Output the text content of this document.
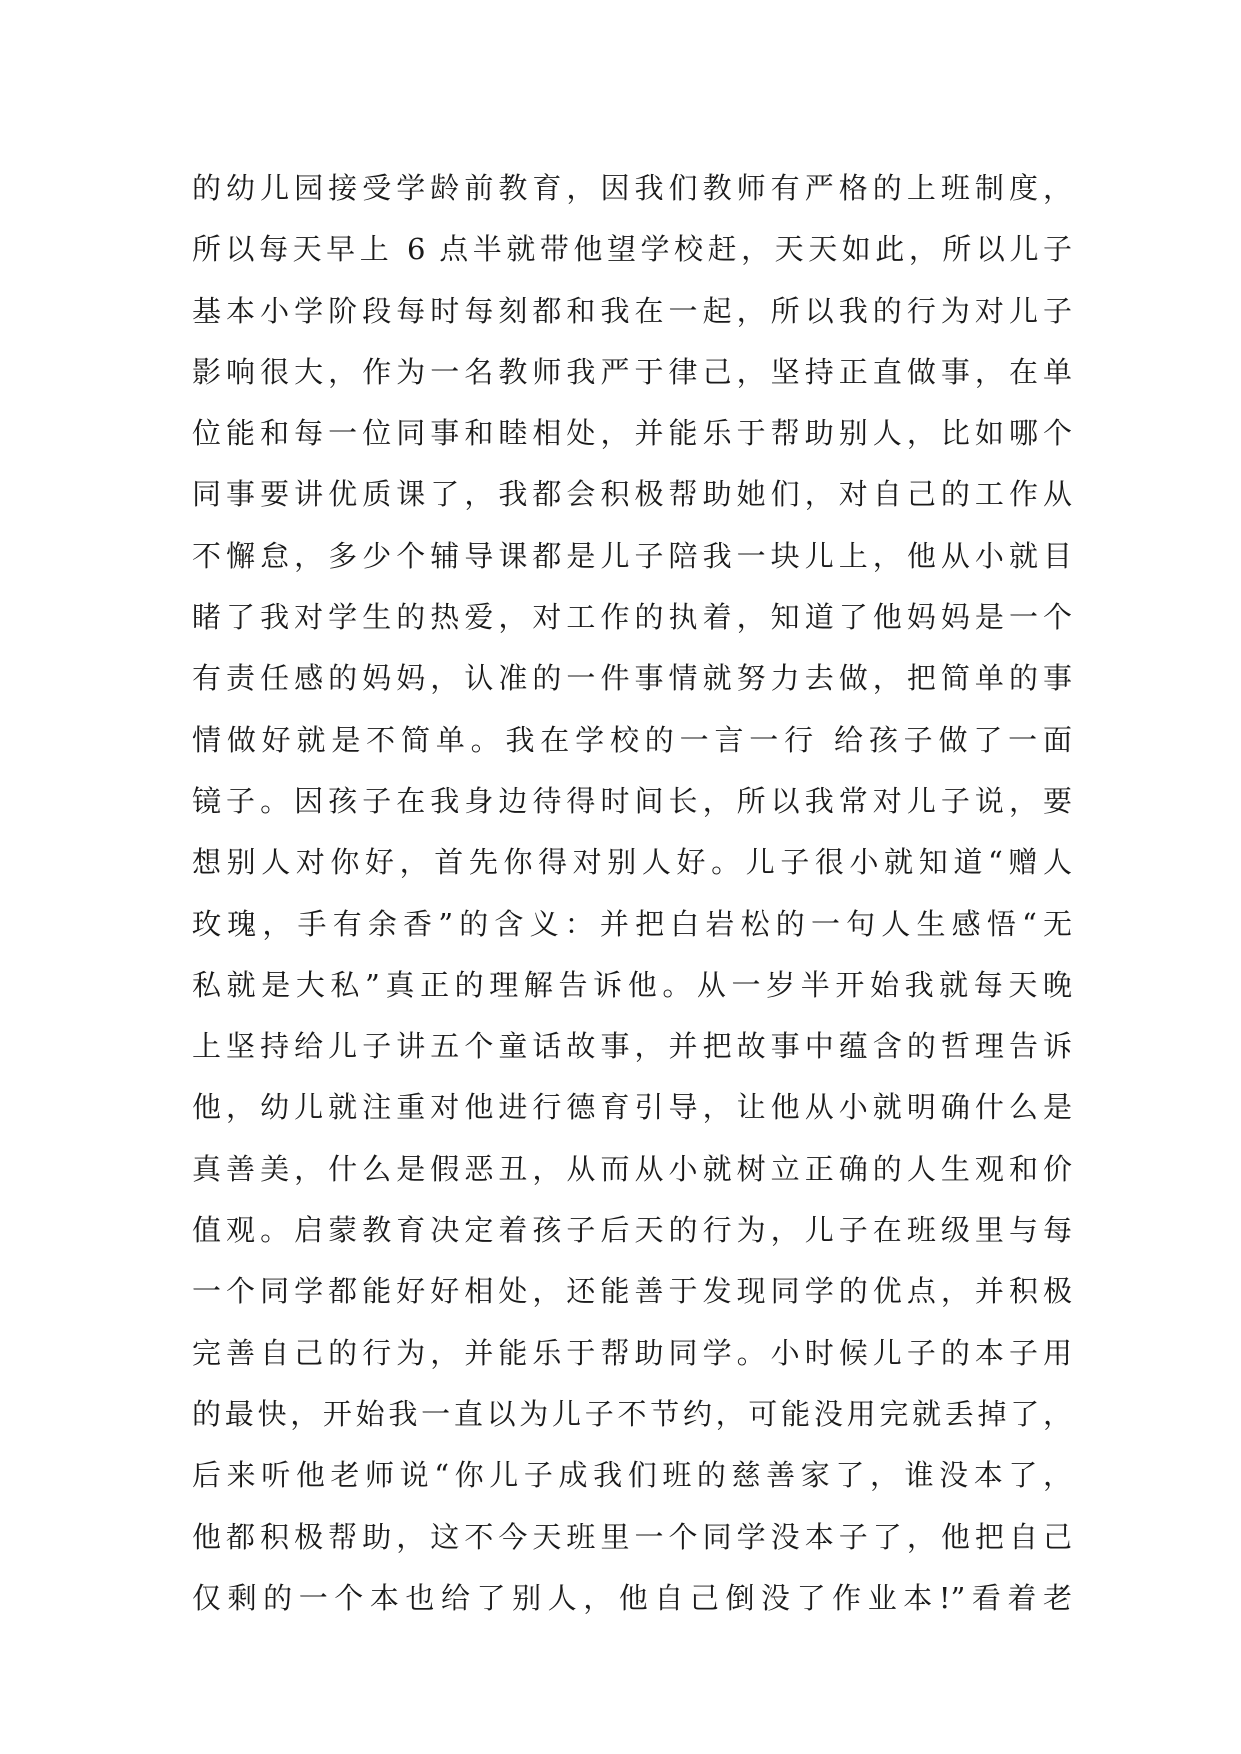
的幼儿园接受学龄前教育，因我们教师有严格的上班制度，
所以每天早上 6 点半就带他望学校赶，天天如此，所以儿子
基本小学阶段每时每刻都和我在一起，所以我的行为对儿子
影响很大，作为一名教师我严于律己，坚持正直做事，在单
位能和每一位同事和睦相处，并能乐于帮助别人，比如哪个
同事要讲优质课了，我都会积极帮助她们，对自己的工作从
不懈怠，多少个辅导课都是儿子陪我一块儿上，他从小就目
睹了我对学生的热爱，对工作的执着，知道了他妈妈是一个
有责任感的妈妈，认准的一件事情就努力去做，把简单的事
情做好就是不简单。我在学校的一言一行 给孩子做了一面
镜子。因孩子在我身边待得时间长，所以我常对儿子说，要
想别人对你好，首先你得对别人好。儿子很小就知道“赠人
玫瑰，手有余香”的含义：并把白岩松的一句人生感悟“无
私就是大私”真正的理解告诉他。从一岁半开始我就每天晚
上坚持给儿子讲五个童话故事，并把故事中蕴含的哲理告诉
他，幼儿就注重对他进行德育引导，让他从小就明确什么是
真善美，什么是假恶丑，从而从小就树立正确的人生观和价
值观。启蒙教育决定着孩子后天的行为，儿子在班级里与每
一个同学都能好好相处，还能善于发现同学的优点，并积极
完善自己的行为，并能乐于帮助同学。小时候儿子的本子用
的最快，开始我一直以为儿子不节约，可能没用完就丢掉了，
后来听他老师说“你儿子成我们班的慈善家了，谁没本了，
他都积极帮助，这不今天班里一个同学没本子了，他把自己
仅剩的一个本也给了别人，他自己倒没了作业本!”看着老
